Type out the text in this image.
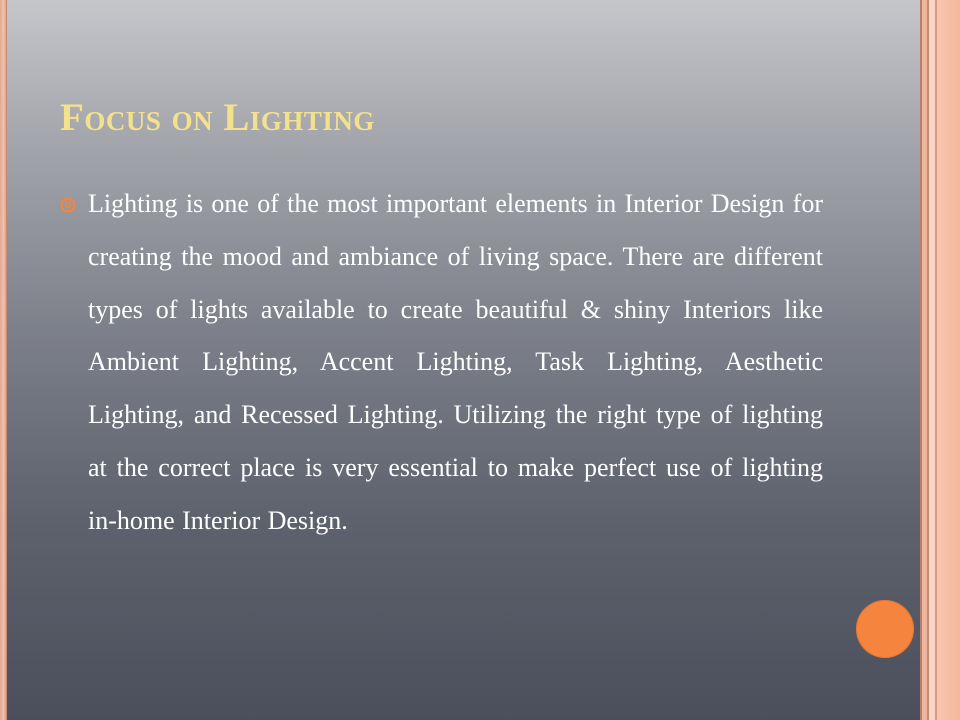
Focus on Lighting

Lighting is one of the most important elements in Interior Design for creating the mood and ambiance of living space. There are different types of lights available to create beautiful & shiny Interiors like Ambient Lighting, Accent Lighting, Task Lighting, Aesthetic Lighting, and Recessed Lighting. Utilizing the right type of lighting at the correct place is very essential to make perfect use of lighting in-home Interior Design.
